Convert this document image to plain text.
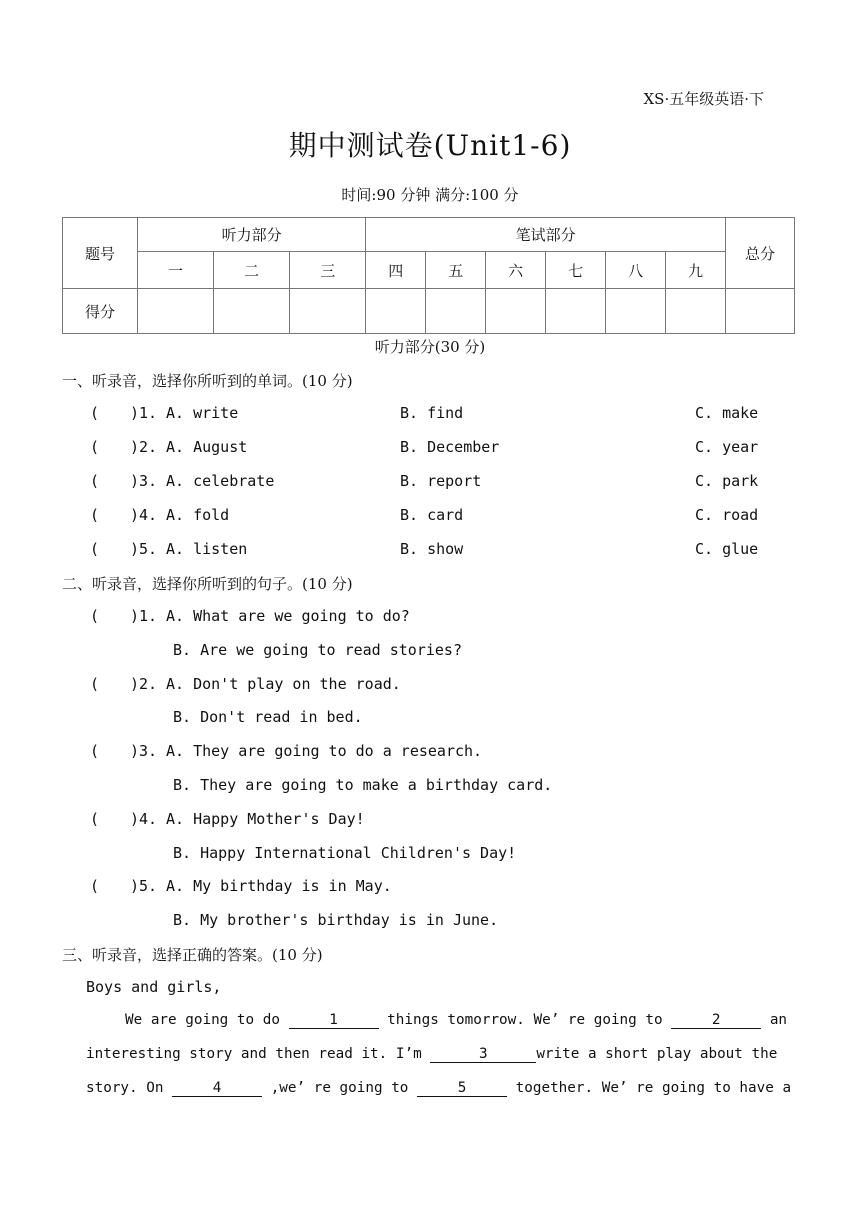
XS·五年级英语·下
期中测试卷(Unit1-6)
时间:90 分钟 满分:100 分
题号	听力部分			笔试部分						总分
	一	二	三	四	五	六	七	八	九	
得分										
听力部分(30 分)
一、听录音，选择你所听到的单词。(10 分)
( )1. A. write	B. find	C. make
( )2. A. August	B. December	C. year
( )3. A. celebrate	B. report	C. park
( )4. A. fold	B. card	C. road
( )5. A. listen	B. show	C. glue
二、听录音，选择你所听到的句子。(10 分)
( )1. A. What are we going to do?
B. Are we going to read stories?
( )2. A. Don't play on the road.
B. Don't read in bed.
( )3. A. They are going to do a research.
B. They are going to make a birthday card.
( )4. A. Happy Mother's Day!
B. Happy International Children's Day!
( )5. A. My birthday is in May.
B. My brother's birthday is in June.
三、听录音，选择正确的答案。(10 分)
Boys and girls,
We are going to do	1	things tomorrow. We’ re going to	2	an
interesting story and then read it. I’m	3	write a short play about the
story. On	4	,we’ re going to	5	together. We’ re going to have a
